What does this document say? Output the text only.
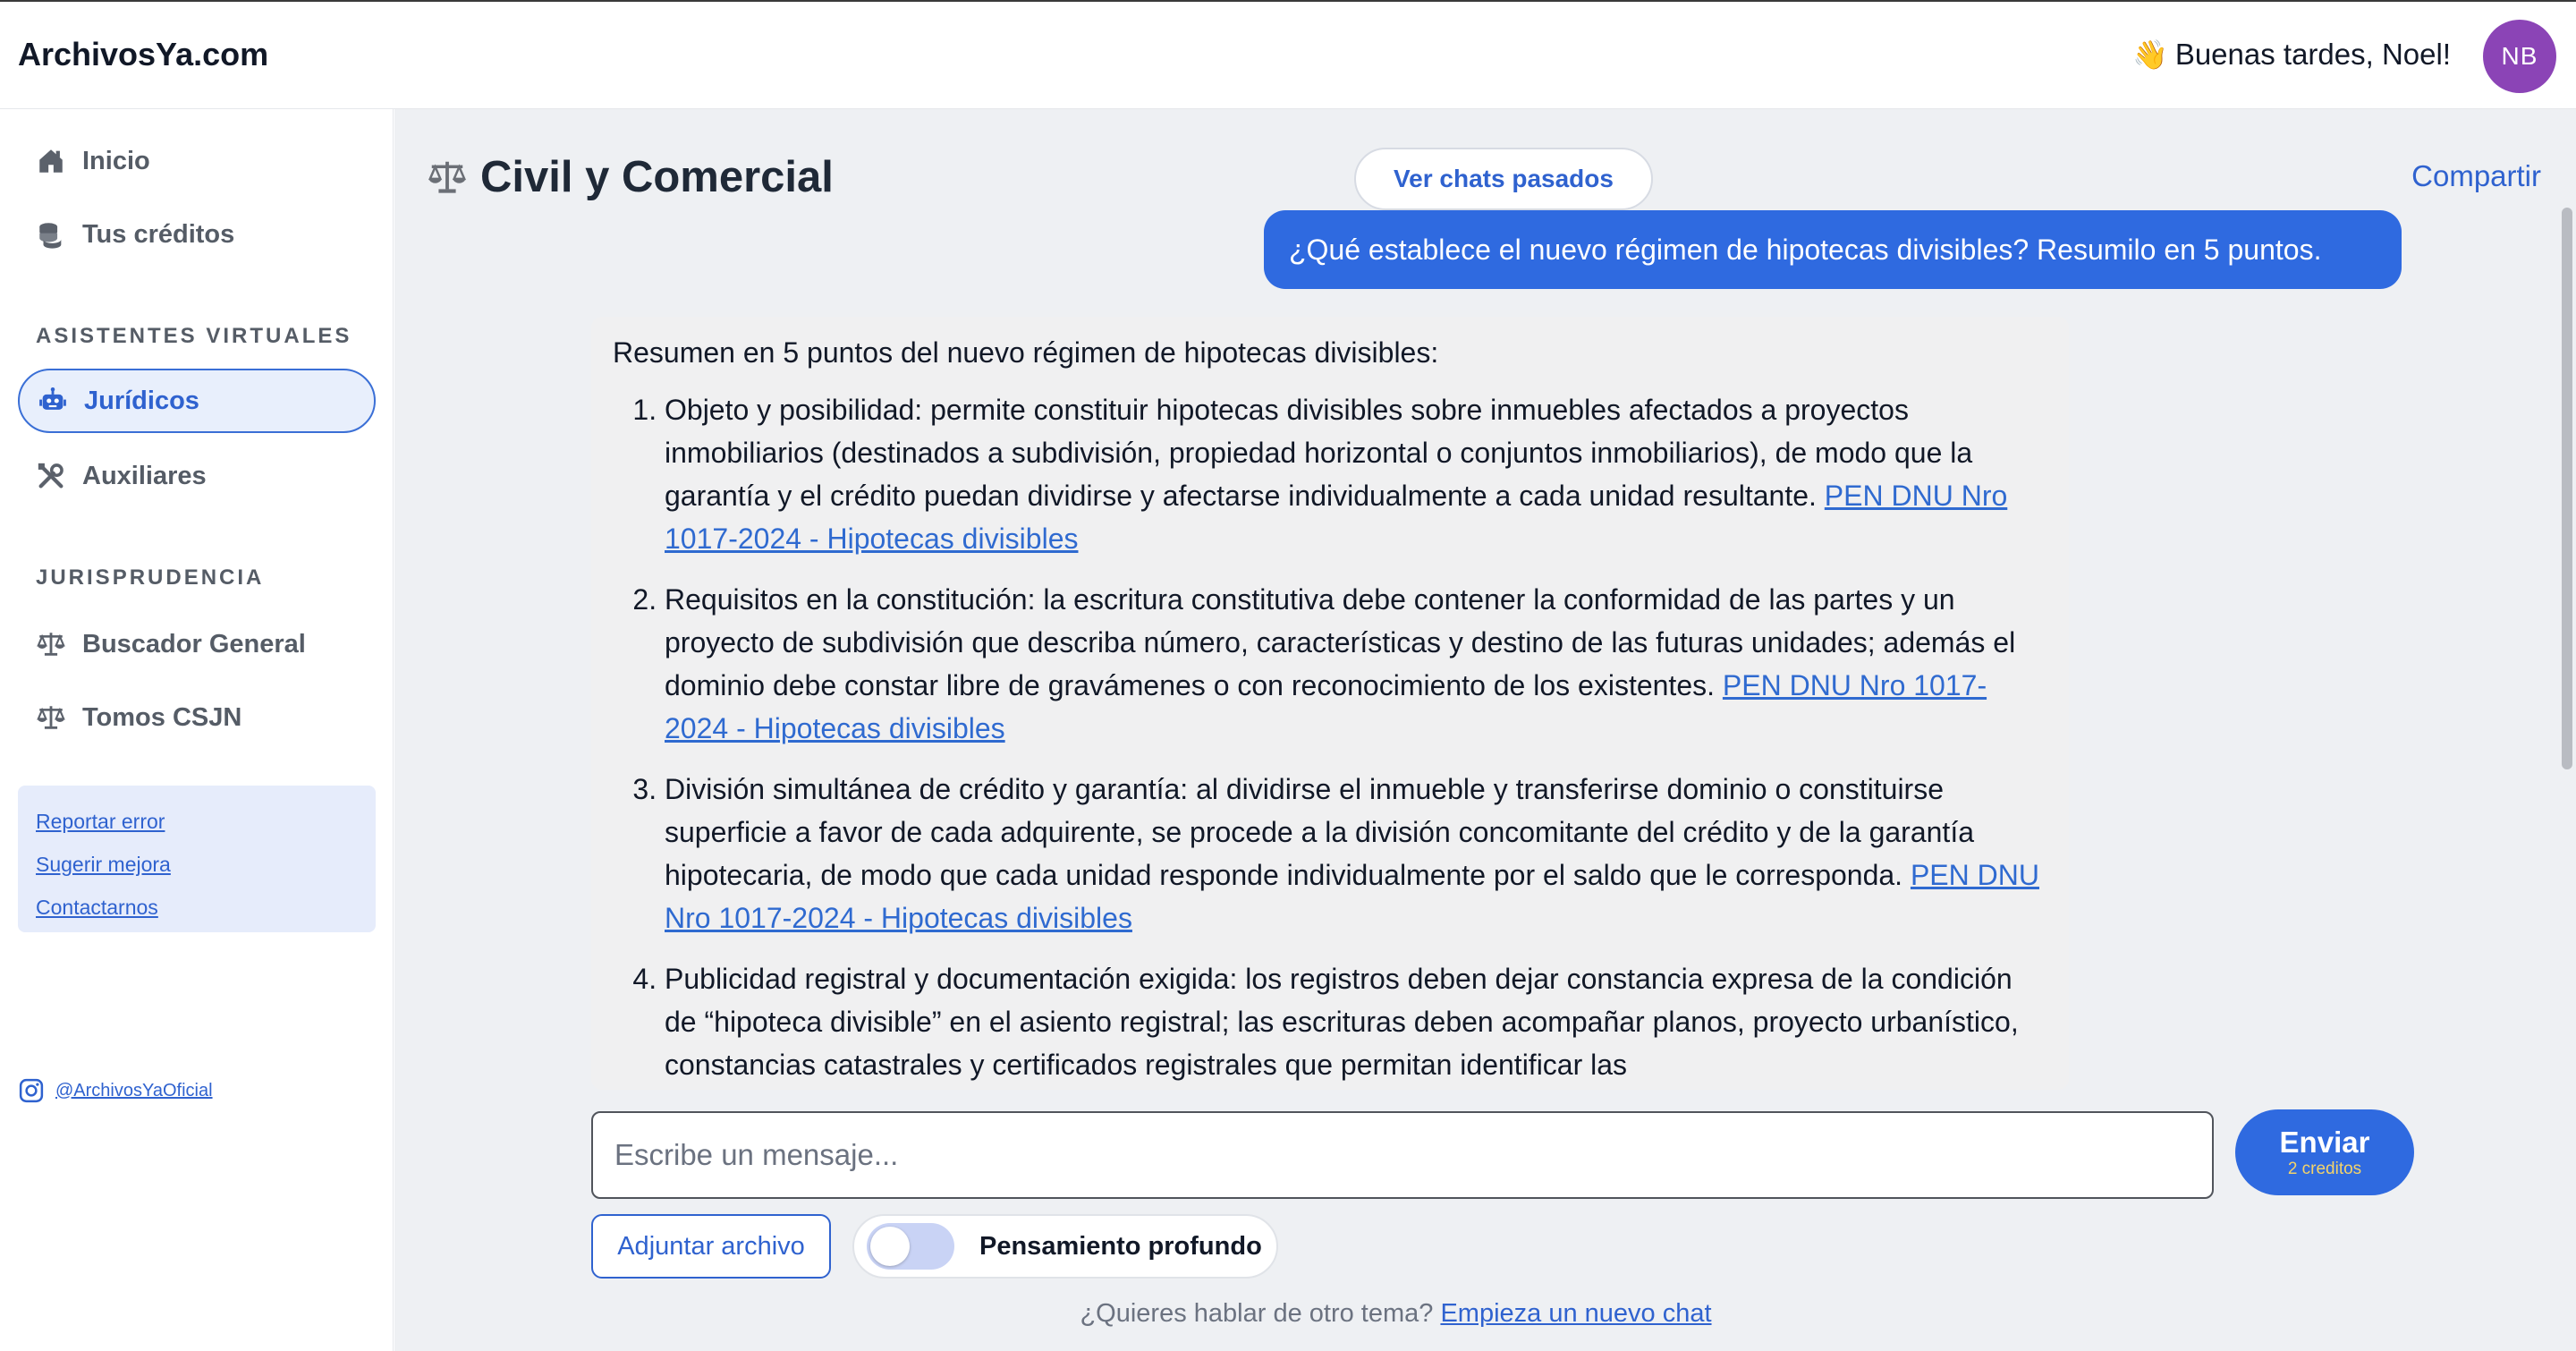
ArchivosYa.com	👋 Buenas tardes, Noel!	NB
Inicio
Tus créditos
ASISTENTES VIRTUALES
Jurídicos
Auxiliares
JURISPRUDENCIA
Buscador General
Tomos CSJN
Reportar error
Sugerir mejora
Contactarnos
@ArchivosYaOficial
Civil y Comercial	Ver chats pasados	Compartir
¿Qué establece el nuevo régimen de hipotecas divisibles? Resumilo en 5 puntos.
Resumen en 5 puntos del nuevo régimen de hipotecas divisibles:
1. Objeto y posibilidad: permite constituir hipotecas divisibles sobre inmuebles afectados a proyectos inmobiliarios (destinados a subdivisión, propiedad horizontal o conjuntos inmobiliarios), de modo que la garantía y el crédito puedan dividirse y afectarse individualmente a cada unidad resultante. PEN DNU Nro 1017-2024 - Hipotecas divisibles
2. Requisitos en la constitución: la escritura constitutiva debe contener la conformidad de las partes y un proyecto de subdivisión que describa número, características y destino de las futuras unidades; además el dominio debe constar libre de gravámenes o con reconocimiento de los existentes. PEN DNU Nro 1017-2024 - Hipotecas divisibles
3. División simultánea de crédito y garantía: al dividirse el inmueble y transferirse dominio o constituirse superficie a favor de cada adquirente, se procede a la división concomitante del crédito y de la garantía hipotecaria, de modo que cada unidad responde individualmente por el saldo que le corresponda. PEN DNU Nro 1017-2024 - Hipotecas divisibles
4. Publicidad registral y documentación exigida: los registros deben dejar constancia expresa de la condición de “hipoteca divisible” en el asiento registral; las escrituras deben acompañar planos, proyecto urbanístico, constancias catastrales y certificados registrales que permitan identificar las
Escribe un mensaje...
Enviar
2 creditos
Adjuntar archivo	Pensamiento profundo
¿Quieres hablar de otro tema? Empieza un nuevo chat
